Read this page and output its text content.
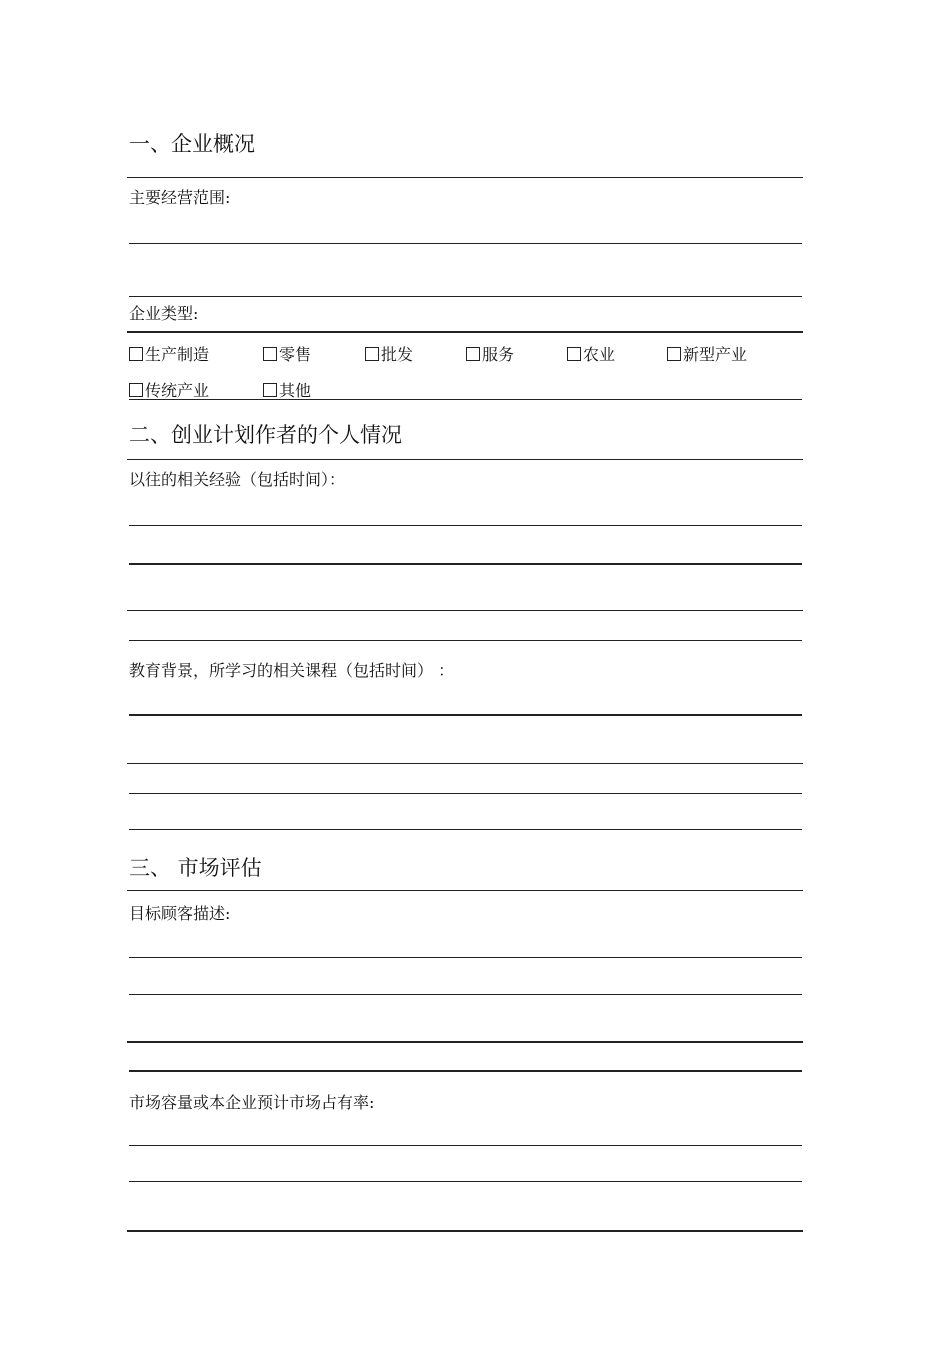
一、企业概况
主要经营范围:
企业类型:
生产制造	零售	批发	服务	农业	新型产业
传统产业	其他
二、创业计划作者的个人情况
以往的相关经验（包括时间）：
教育背景，所学习的相关课程（包括时间） ：
三、 市场评估
目标顾客描述:
市场容量或本企业预计市场占有率:
